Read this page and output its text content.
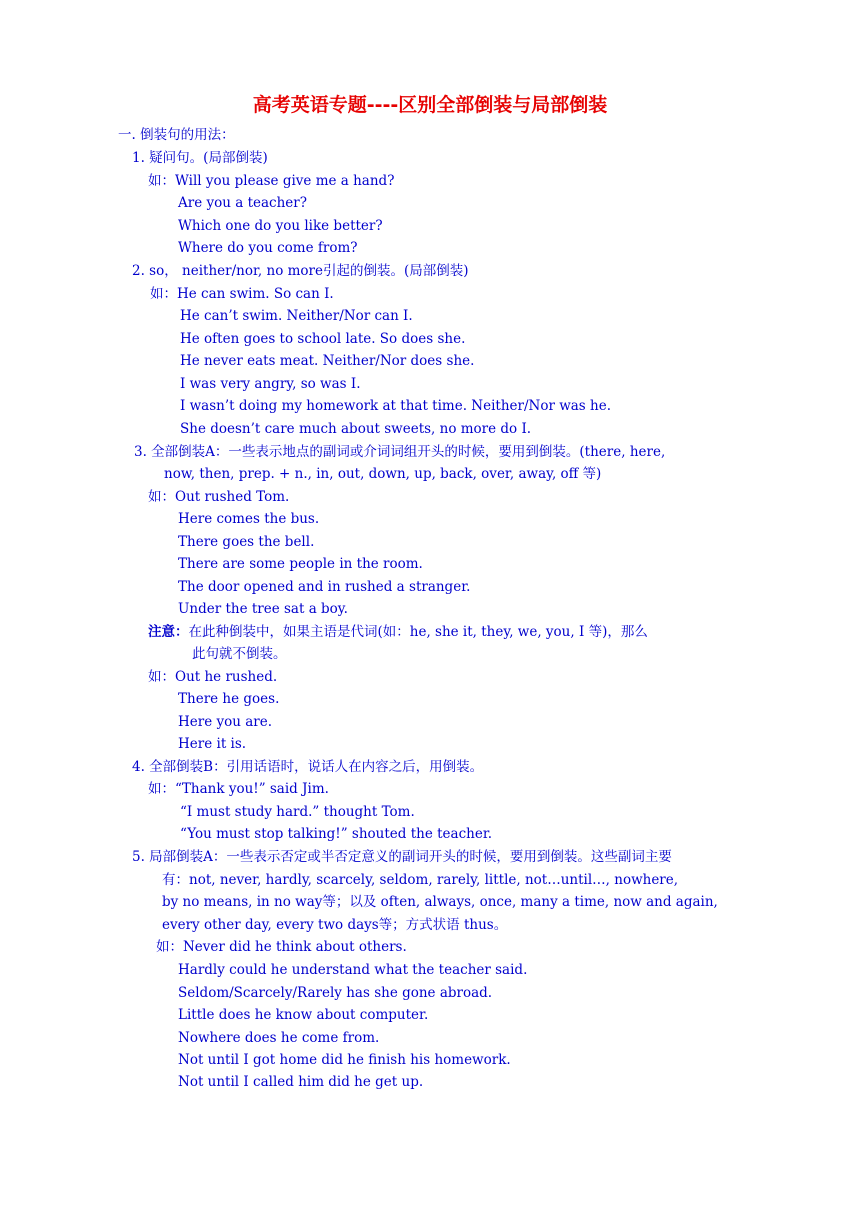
高考英语专题----区别全部倒装与局部倒装
一. 倒装句的用法：
1. 疑问句。(局部倒装)
如：Will you please give me a hand?
Are you a teacher?
Which one do you like better?
Where do you come from?
2. so， neither/nor, no more引起的倒装。(局部倒装)
如：He can swim. So can I.
He can’t swim. Neither/Nor can I.
He often goes to school late. So does she.
He never eats meat. Neither/Nor does she.
I was very angry, so was I.
I wasn’t doing my homework at that time. Neither/Nor was he.
She doesn’t care much about sweets, no more do I.
3. 全部倒装A：一些表示地点的副词或介词词组开头的时候，要用到倒装。(there, here,
now, then, prep. + n., in, out, down, up, back, over, away, off 等)
如：Out rushed Tom.
Here comes the bus.
There goes the bell.
There are some people in the room.
The door opened and in rushed a stranger.
Under the tree sat a boy.
注意：在此种倒装中，如果主语是代词(如：he, she it, they, we, you, I 等)，那么
此句就不倒装。
如：Out he rushed.
There he goes.
Here you are.
Here it is.
4. 全部倒装B：引用话语时，说话人在内容之后，用倒装。
如：“Thank you!” said Jim.
“I must study hard.” thought Tom.
“You must stop talking!” shouted the teacher.
5. 局部倒装A：一些表示否定或半否定意义的副词开头的时候，要用到倒装。这些副词主要
有：not, never, hardly, scarcely, seldom, rarely, little, not…until…, nowhere,
by no means, in no way等；以及 often, always, once, many a time, now and again,
every other day, every two days等；方式状语 thus。
如：Never did he think about others.
Hardly could he understand what the teacher said.
Seldom/Scarcely/Rarely has she gone abroad.
Little does he know about computer.
Nowhere does he come from.
Not until I got home did he finish his homework.
Not until I called him did he get up.
